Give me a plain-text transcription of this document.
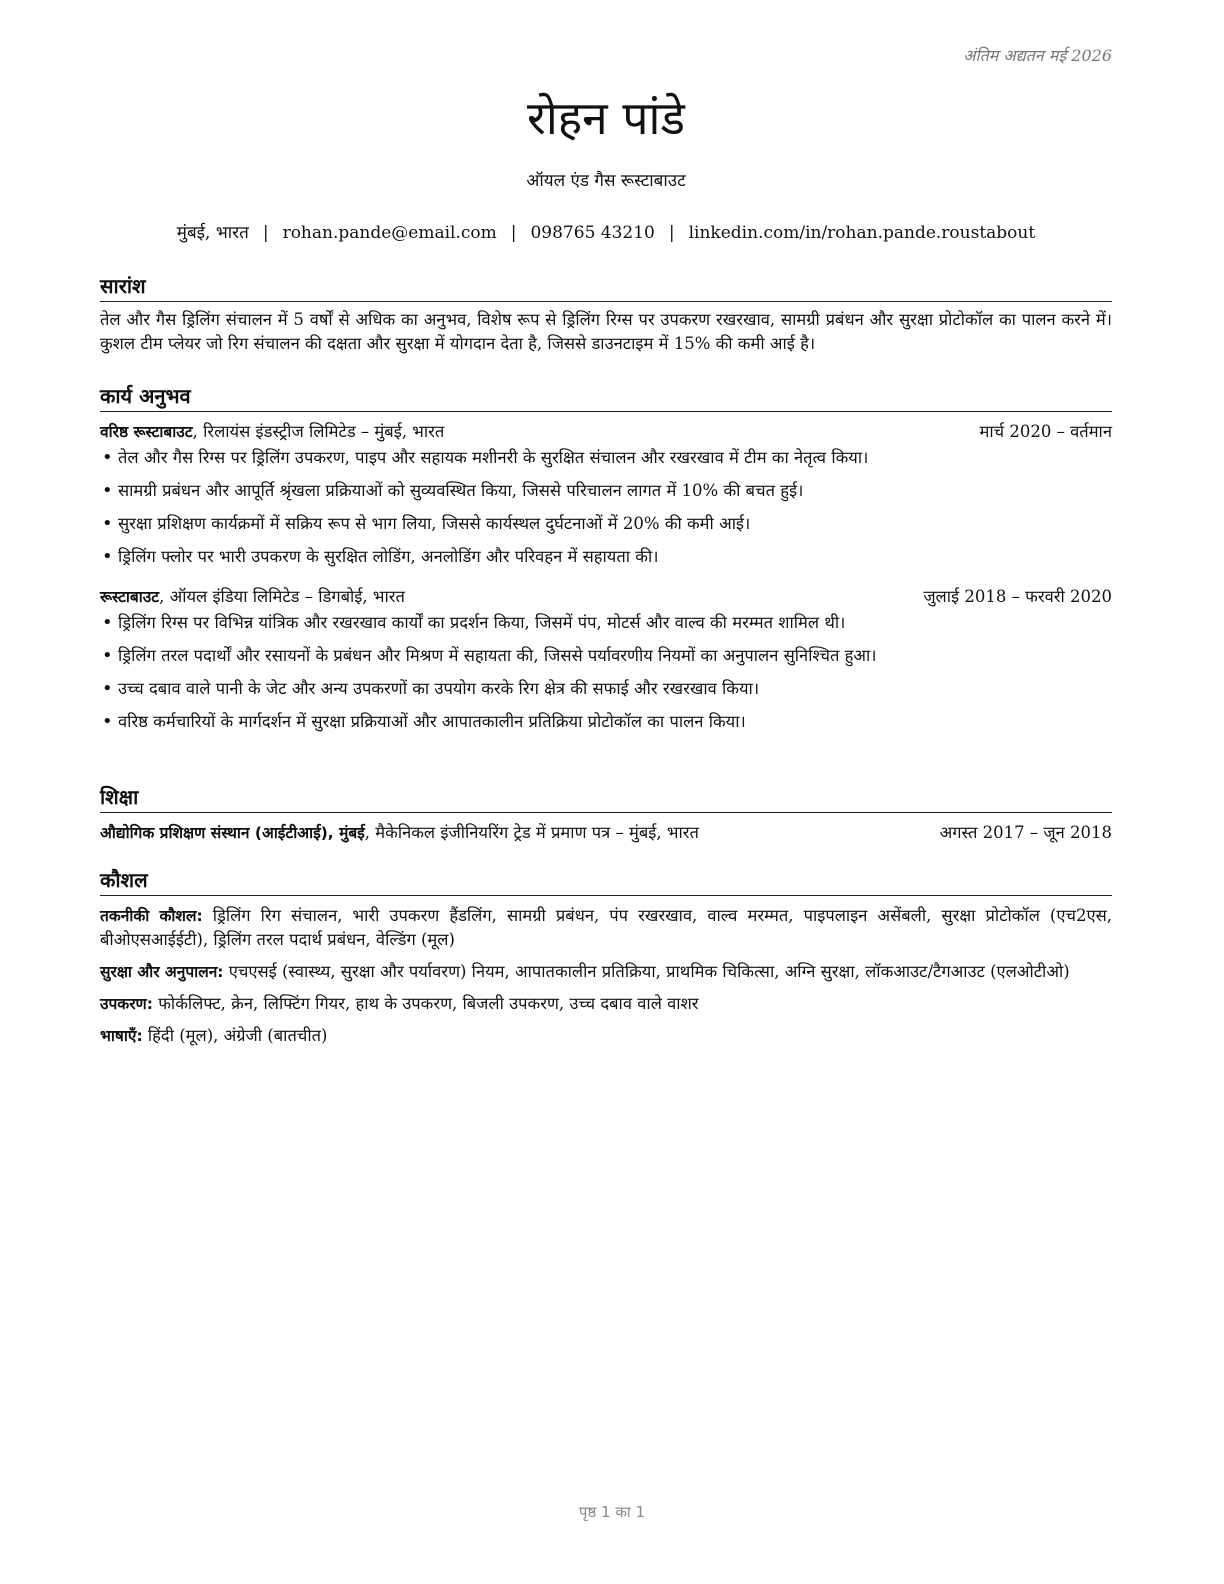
अंतिम अद्यतन मई 2026
रोहन पांडे
ऑयल एंड गैस रूस्टाबाउट
मुंबई, भारत | rohan.pande@email.com | 098765 43210 | linkedin.com/in/rohan.pande.roustabout
सारांश

तेल और गैस ड्रिलिंग संचालन में 5 वर्षों से अधिक का अनुभव, विशेष रूप से ड्रिलिंग रिग्स पर उपकरण रखरखाव, सामग्री प्रबंधन और सुरक्षा प्रोटोकॉल का पालन करने में। कुशल टीम प्लेयर जो रिग संचालन की दक्षता और सुरक्षा में योगदान देता है, जिससे डाउनटाइम में 15% की कमी आई है।

कार्य अनुभव
वरिष्ठ रूस्टाबाउट, रिलायंस इंडस्ट्रीज लिमिटेड – मुंबई, भारत	मार्च 2020 – वर्तमान
• तेल और गैस रिग्स पर ड्रिलिंग उपकरण, पाइप और सहायक मशीनरी के सुरक्षित संचालन और रखरखाव में टीम का नेतृत्व किया।
• सामग्री प्रबंधन और आपूर्ति श्रृंखला प्रक्रियाओं को सुव्यवस्थित किया, जिससे परिचालन लागत में 10% की बचत हुई।
• सुरक्षा प्रशिक्षण कार्यक्रमों में सक्रिय रूप से भाग लिया, जिससे कार्यस्थल दुर्घटनाओं में 20% की कमी आई।
• ड्रिलिंग फ्लोर पर भारी उपकरण के सुरक्षित लोडिंग, अनलोडिंग और परिवहन में सहायता की।
रूस्टाबाउट, ऑयल इंडिया लिमिटेड – डिगबोई, भारत	जुलाई 2018 – फरवरी 2020
• ड्रिलिंग रिग्स पर विभिन्न यांत्रिक और रखरखाव कार्यों का प्रदर्शन किया, जिसमें पंप, मोटर्स और वाल्व की मरम्मत शामिल थी।
• ड्रिलिंग तरल पदार्थों और रसायनों के प्रबंधन और मिश्रण में सहायता की, जिससे पर्यावरणीय नियमों का अनुपालन सुनिश्चित हुआ।
• उच्च दबाव वाले पानी के जेट और अन्य उपकरणों का उपयोग करके रिग क्षेत्र की सफाई और रखरखाव किया।
• वरिष्ठ कर्मचारियों के मार्गदर्शन में सुरक्षा प्रक्रियाओं और आपातकालीन प्रतिक्रिया प्रोटोकॉल का पालन किया।
शिक्षा
औद्योगिक प्रशिक्षण संस्थान (आईटीआई), मुंबई, मैकेनिकल इंजीनियरिंग ट्रेड में प्रमाण पत्र – मुंबई, भारत	अगस्त 2017 – जून 2018
कौशल
तकनीकी कौशल: ड्रिलिंग रिग संचालन, भारी उपकरण हैंडलिंग, सामग्री प्रबंधन, पंप रखरखाव, वाल्व मरम्मत, पाइपलाइन असेंबली, सुरक्षा प्रोटोकॉल (एच2एस, बीओएसआईईटी), ड्रिलिंग तरल पदार्थ प्रबंधन, वेल्डिंग (मूल)
सुरक्षा और अनुपालन: एचएसई (स्वास्थ्य, सुरक्षा और पर्यावरण) नियम, आपातकालीन प्रतिक्रिया, प्राथमिक चिकित्सा, अग्नि सुरक्षा, लॉकआउट/टैगआउट (एलओटीओ)
उपकरण: फोर्कलिफ्ट, क्रेन, लिफ्टिंग गियर, हाथ के उपकरण, बिजली उपकरण, उच्च दबाव वाले वाशर
भाषाएँ: हिंदी (मूल), अंग्रेजी (बातचीत)
पृष्ठ 1 का 1
